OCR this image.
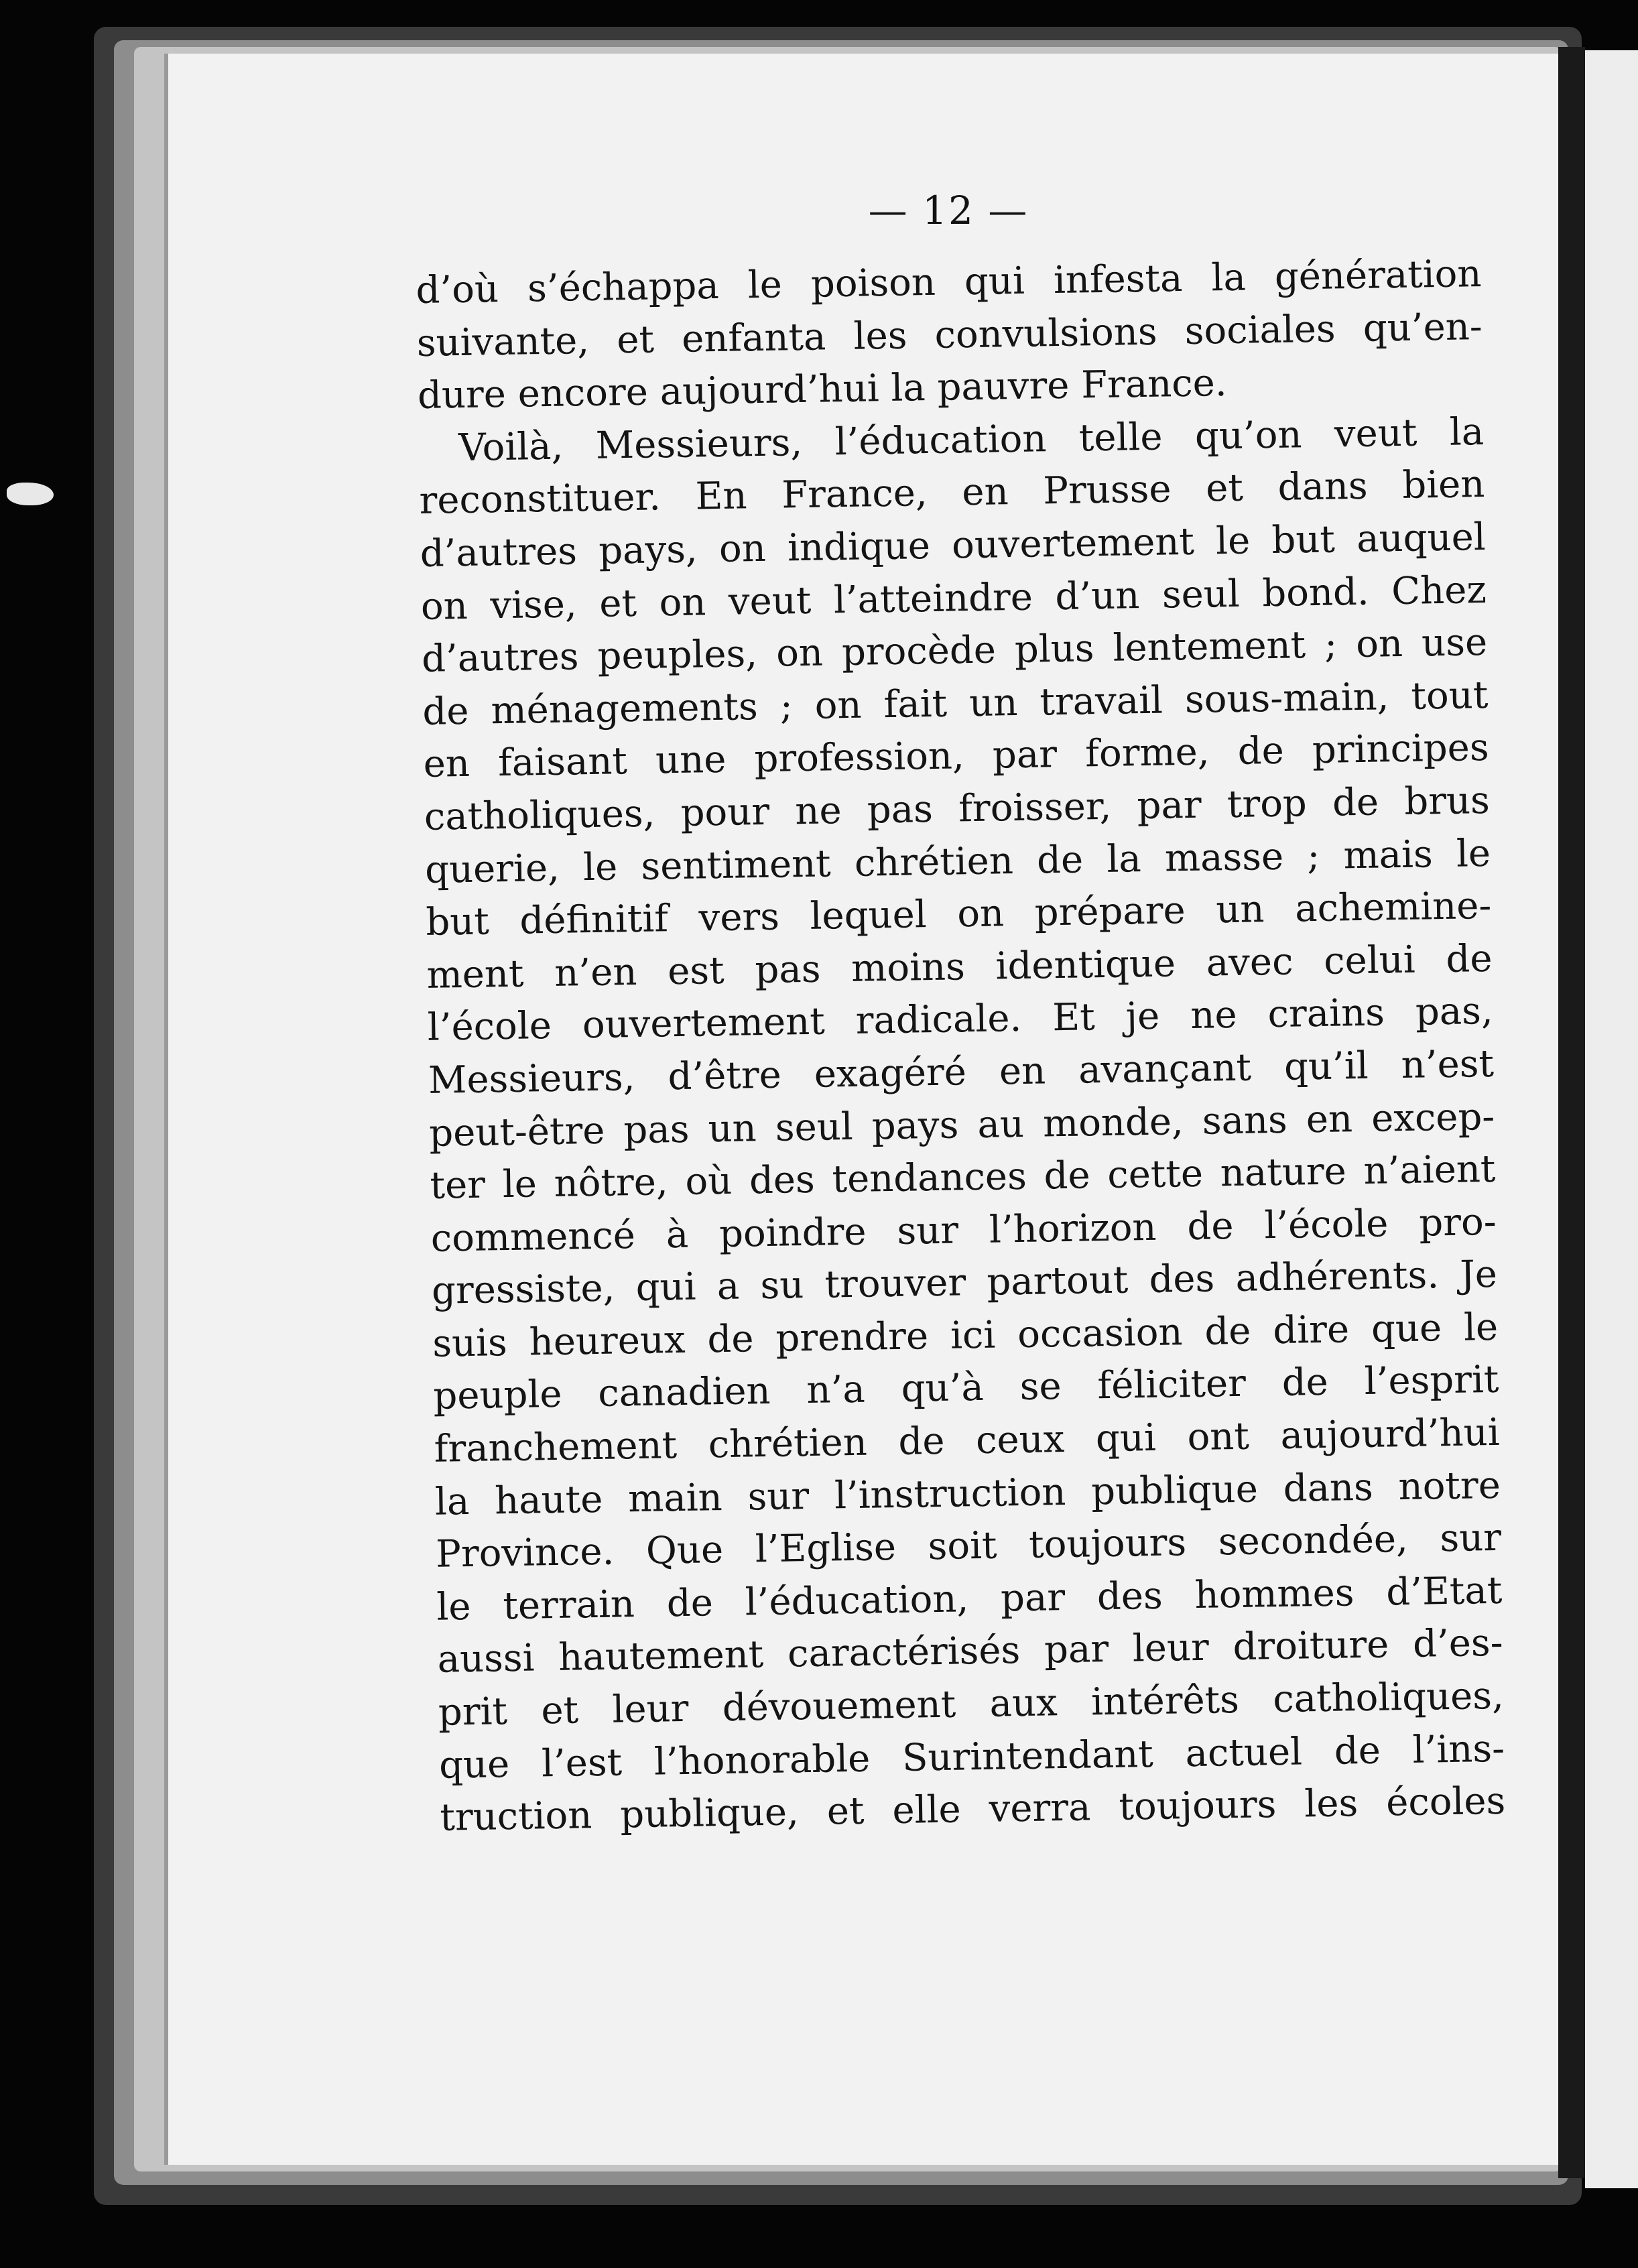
— 12 —
d’où s’échappa le poison qui infesta la génération
suivante, et enfanta les convulsions sociales qu’en-
dure encore aujourd’hui la pauvre France.
Voilà, Messieurs, l’éducation telle qu’on veut la
reconstituer. En France, en Prusse et dans bien
d’autres pays, on indique ouvertement le but auquel
on vise, et on veut l’atteindre d’un seul bond. Chez
d’autres peuples, on procède plus lentement ; on use
de ménagements ; on fait un travail sous-main, tout
en faisant une profession, par forme, de principes
catholiques, pour ne pas froisser, par trop de brus
querie, le sentiment chrétien de la masse ; mais le
but définitif vers lequel on prépare un achemine-
ment n’en est pas moins identique avec celui de
l’école ouvertement radicale. Et je ne crains pas,
Messieurs, d’être exagéré en avançant qu’il n’est
peut-être pas un seul pays au monde, sans en excep-
ter le nôtre, où des tendances de cette nature n’aient
commencé à poindre sur l’horizon de l’école pro-
gressiste, qui a su trouver partout des adhérents. Je
suis heureux de prendre ici occasion de dire que le
peuple canadien n’a qu’à se féliciter de l’esprit
franchement chrétien de ceux qui ont aujourd’hui
la haute main sur l’instruction publique dans notre
Province. Que l’Eglise soit toujours secondée, sur
le terrain de l’éducation, par des hommes d’Etat
aussi hautement caractérisés par leur droiture d’es-
prit et leur dévouement aux intérêts catholiques,
que l’est l’honorable Surintendant actuel de l’ins-
truction publique, et elle verra toujours les écoles
